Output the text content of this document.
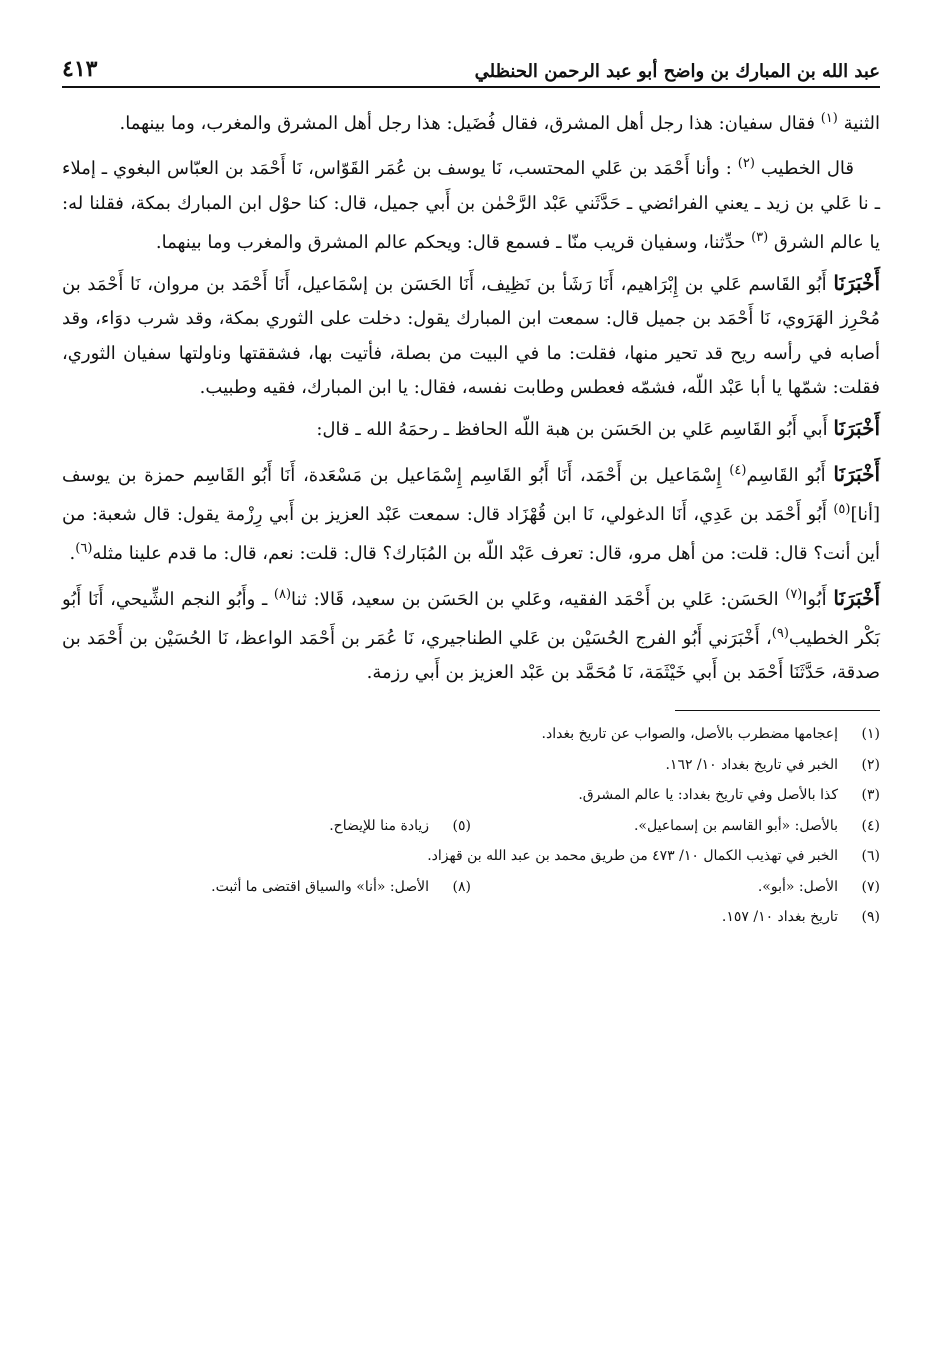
عبد الله بن المبارك بن واضح أبو عبد الرحمن الحنظلي
٤١٣

الثنية $^{(١)}$ فقال سفيان: هذا رجل أهل المشرق، فقال فُضَيل: هذا رجل أهل المشرق والمغرب، وما بينهما.

قال الخطيب $^{(٢)}$ : وأنا أَحْمَد بن عَلي المحتسب، نَا يوسف بن عُمَر القَوّاس، نَا أَحْمَد بن العبّاس البغوي ـ إملاء ـ نا عَلي بن زيد ـ يعني الفرائضي ـ حَدَّثَني عَبْد الرَّحْمٰن بن أَبي جميل، قال: كنا حوْل ابن المبارك بمكة، فقلنا له: يا عالم الشرق $^{(٣)}$ حدِّثنا، وسفيان قريب منّا ـ فسمع قال: ويحكم عالم المشرق والمغرب وما بينهما.

أَخْبَرَنَا أَبُو القَاسم عَلي بن إِبْرَاهيم، أَنَا رَشَأ بن نَظِيف، أَنَا الحَسَن بن إسْمَاعيل، أَنَا أَحْمَد بن مروان، نَا أَحْمَد بن مُحْرِز الهَرَوي، نَا أَحْمَد بن جميل قال: سمعت ابن المبارك يقول: دخلت على الثوري بمكة، وقد شرب دوَاء، وقد أصابه في رأسه ريح قد تحير منها، فقلت: ما في البيت من بصلة، فأتيت بها، فشققتها وناولتها سفيان الثوري، فقلت: شمّها يا أبا عَبْد اللّه، فشمّه فعطس وطابت نفسه، فقال: يا ابن المبارك، فقيه وطبيب.

أَخْبَرَنَا أَبي أَبُو القَاسِم عَلي بن الحَسَن بن هبة اللّه الحافظ ـ رحمَهُ الله ـ قال:

أَخْبَرَنَا أَبُو القَاسِم$^{(٤)}$ إِسْمَاعيل بن أَحْمَد، أَنَا أَبُو القَاسِم إِسْمَاعيل بن مَسْعَدة، أَنَا أَبُو القَاسِم حمزة بن يوسف [أنا]$^{(٥)}$ أَبُو أَحْمَد بن عَدِي، أَنَا الدغولي، نَا ابن قُهْزَاد قال: سمعت عَبْد العزيز بن أَبي رِزْمة يقول: قال شعبة: من أين أنت؟ قال: قلت: من أهل مرو، قال: تعرف عَبْد اللّه بن المُبَارك؟ قال: قلت: نعم، قال: ما قدم علينا مثله$^{(٦)}$.

أَخْبَرَنَا أَبُوا$^{(٧)}$ الحَسَن: عَلي بن أَحْمَد الفقيه، وعَلي بن الحَسَن بن سعيد، قَالا: ثنا$^{(٨)}$ ـ وأَبُو النجم الشِّيحي، أَنَا أَبُو بَكْر الخطيب$^{(٩)}$، أَخْبَرَني أَبُو الفرج الحُسَيْن بن عَلي الطناجيري، نَا عُمَر بن أَحْمَد الواعظ، نَا الحُسَيْن بن أَحْمَد بن صدقة، حَدَّثَنَا أَحْمَد بن أَبي خَيْثَمَة، نَا مُحَمَّد بن عَبْد العزيز بن أَبي رزمة.

(١)
إعجامها مضطرب بالأصل، والصواب عن تاريخ بغداد.
(٢)
الخبر في تاريخ بغداد ١٠/ ١٦٢.
(٣)
كذا بالأصل وفي تاريخ بغداد: يا عالم المشرق.
(٤)
بالأصل: «أبو القاسم بن إسماعيل».
(٥)
زيادة منا للإيضاح.
(٦)
الخبر في تهذيب الكمال ١٠/ ٤٧٣ من طريق محمد بن عبد الله بن قهزاد.
(٧)
الأصل: «أبو».
(٨)
الأصل: «أنا» والسياق اقتضى ما أثبت.
(٩)
تاريخ بغداد ١٠/ ١٥٧.
